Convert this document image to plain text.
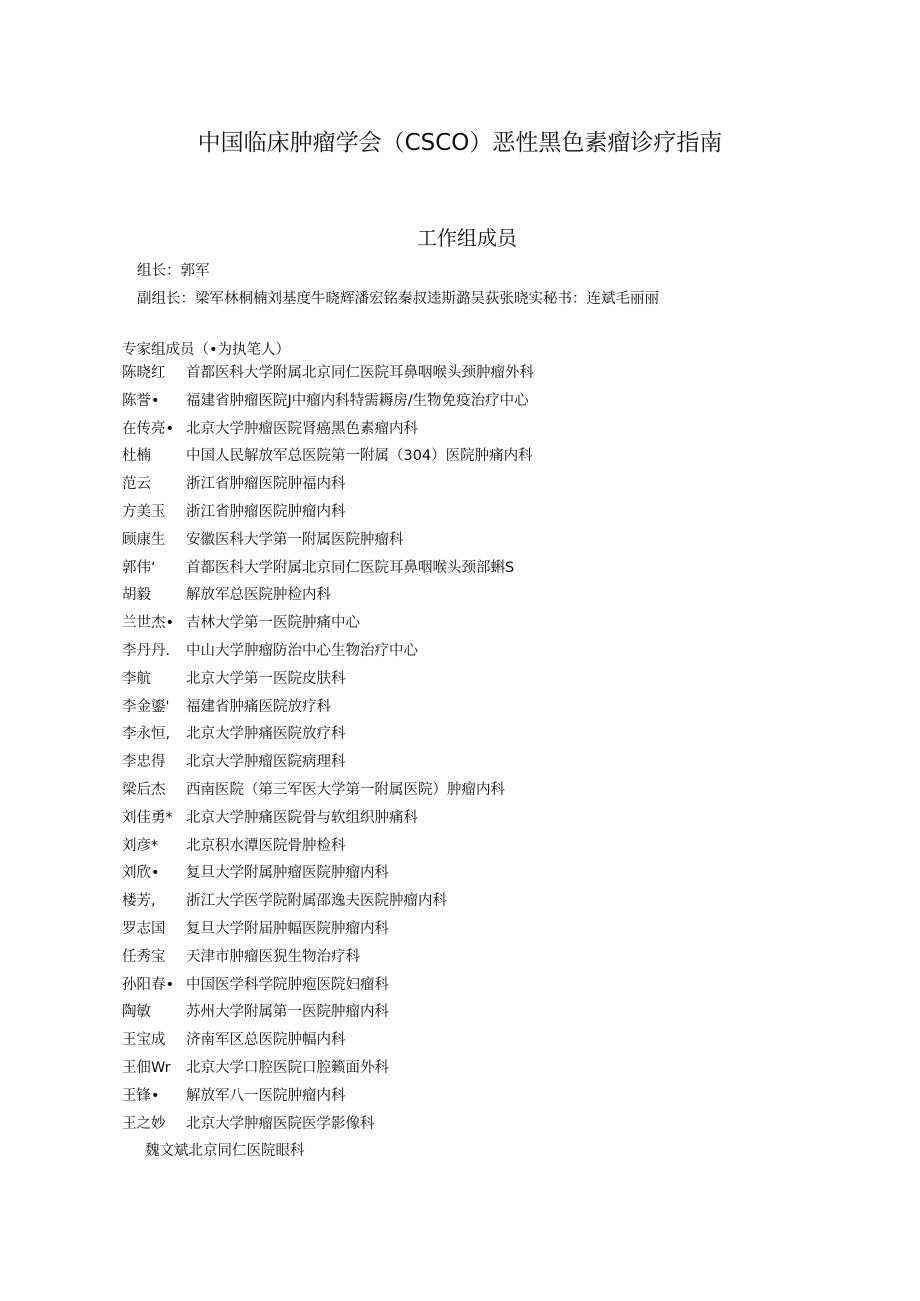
中国临床肿瘤学会（CSCO）恶性黑色素瘤诊疗指南
工作组成员

组长：郭军

副组长：梁军林桐楠刘基度牛晓辉潘宏铭秦叔逵斯潞吴荻张晓实秘书：连斌毛丽丽

专家组成员（•为执笔人）

陈晓红 首都医科大学附属北京同仁医院耳鼻咽喉头颈肿瘤外科
陈誉• 福建省肿瘤医院J中瘤内科特需耨房/生物免疫治疗中心
在传亮• 北京大学肿瘤医院肾癌黑色素瘤内科
杜楠 中国人民解放军总医院第一附属（304）医院肿痛内科
范云 浙江省肿瘤医院肿福内科
方美玉 浙江省肿瘤医院肿瘤内科
顾康生 安徽医科大学第一附属医院肿瘤科
郭伟‘ 首都医科大学附属北京同仁医院耳鼻咽喉头颈部蝌S
胡毅 解放军总医院肿检内科
兰世杰• 吉林大学第一医院肿痛中心
李丹丹. 中山大学肿瘤防治中心生物治疗中心
李航 北京大学第一医院皮肤科
李金鎏' 福建省肿痛医院放疗科
李永恒, 北京大学肿痛医院放疗科
李忠得 北京大学肿瘤医院病理科
梁后杰 西南医院（第三军医大学第一附属医院）肿瘤内科
刘佳勇* 北京大学肿痛医院骨与软组织肿痛科
刘彦* 北京积水潭医院骨肿检科
刘欣• 复旦大学附属肿瘤医院肿瘤内科
楼芳, 浙江大学医学院附属邵逸夫医院肿瘤内科
罗志国 复旦大学附届肿幅医院肿瘤内科
任秀宝 天津市肿瘤医猊生物治疗科
孙阳春• 中国医学科学院肿疱医院妇瘤科
陶敏 苏州大学附属第一医院肿瘤内科
王宝成 济南军区总医院肿幅内科
王佃Wr 北京大学口腔医院口腔籁面外科
王锋• 解放军八一医院肿瘤内科
王之妙 北京大学肿瘤医院医学影像科

魏文斌北京同仁医院眼科
